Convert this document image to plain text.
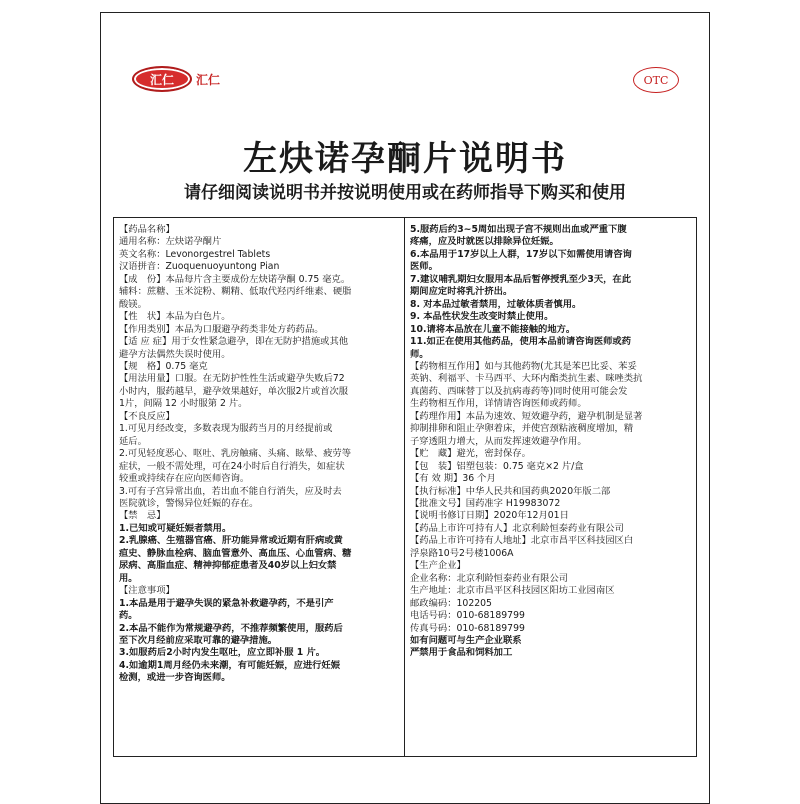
汇仁	汇仁	OTC
左炔诺孕酮片说明书
请仔细阅读说明书并按说明使用或在药师指导下购买和使用
【药品名称】
通用名称：左炔诺孕酮片
英文名称：Levonorgestrel Tablets
汉语拼音：Zuoquenuoyuntong Pian
【成　份】本品每片含主要成份左炔诺孕酮 0.75 毫克。
辅料：蔗糖、玉米淀粉、糊精、低取代羟丙纤维素、硬脂
酸镁。
【性　状】本品为白色片。
【作用类别】本品为口服避孕药类非处方药药品。
【适 应 症】用于女性紧急避孕，即在无防护措施或其他
避孕方法偶然失误时使用。
【规　格】0.75 毫克
【用法用量】口服。在无防护性性生活或避孕失败后72
小时内，服药越早，避孕效果越好，单次服2片或首次服
1片，间隔 12 小时服第 2 片。
【不良反应】
1.可见月经改变，多数表现为服药当月的月经提前或
延后。
2.可见轻度恶心、呕吐、乳房触痛、头痛、眩晕、疲劳等
症状，一般不需处理，可在24小时后自行消失，如症状
较重或持续存在应向医师咨询。
3.可有子宫异常出血，若出血不能自行消失，应及时去
医院就诊，警惕异位妊娠的存在。
【禁　忌】
1.已知或可疑妊娠者禁用。
2.乳腺癌、生殖器官癌、肝功能异常或近期有肝病或黄
疸史、静脉血栓病、脑血管意外、高血压、心血管病、糖
尿病、高脂血症、精神抑郁症患者及40岁以上妇女禁
用。
【注意事项】
1.本品是用于避孕失误的紧急补救避孕药，不是引产
药。
2.本品不能作为常规避孕药，不推荐频繁使用，服药后
至下次月经前应采取可靠的避孕措施。
3.如服药后2小时内发生呕吐，应立即补服 1 片。
4.如逾期1周月经仍未来潮，有可能妊娠，应进行妊娠
检测，或进一步咨询医师。
5.服药后约3~5周如出现子宫不规则出血或严重下腹
疼痛，应及时就医以排除异位妊娠。
6.本品用于17岁以上人群，17岁以下如需使用请咨询
医师。
7.建议哺乳期妇女服用本品后暂停授乳至少3天，在此
期间应定时将乳汁挤出。
8. 对本品过敏者禁用，过敏体质者慎用。
9. 本品性状发生改变时禁止使用。
10.请将本品放在儿童不能接触的地方。
11.如正在使用其他药品，使用本品前请咨询医师或药
师。
【药物相互作用】如与其他药物(尤其是苯巴比妥、苯妥
英钠、利福平、卡马西平、大环内酯类抗生素、咪唑类抗
真菌药、西咪替丁以及抗病毒药等)同时使用可能会发
生药物相互作用，详情请咨询医师或药师。
【药理作用】本品为速效、短效避孕药，避孕机制是显著
抑制排卵和阻止孕卵着床，并使宫颈粘液稠度增加，精
子穿透阻力增大，从而发挥速效避孕作用。
【贮　藏】避光，密封保存。
【包　装】铝塑包装：0.75 毫克×2 片/盒
【有 效 期】36 个月
【执行标准】中华人民共和国药典2020年版二部
【批准文号】国药准字 H19983072
【说明书修订日期】2020年12月01日
【药品上市许可持有人】北京利龄恒泰药业有限公司
【药品上市许可持有人地址】北京市昌平区科技园区白
浮泉路10号2号楼1006A
【生产企业】
企业名称：北京利龄恒泰药业有限公司
生产地址：北京市昌平区科技园区阳坊工业园南区
邮政编码：102205
电话号码：010-68189799
传真号码：010-68189799
如有问题可与生产企业联系
严禁用于食品和饲料加工
